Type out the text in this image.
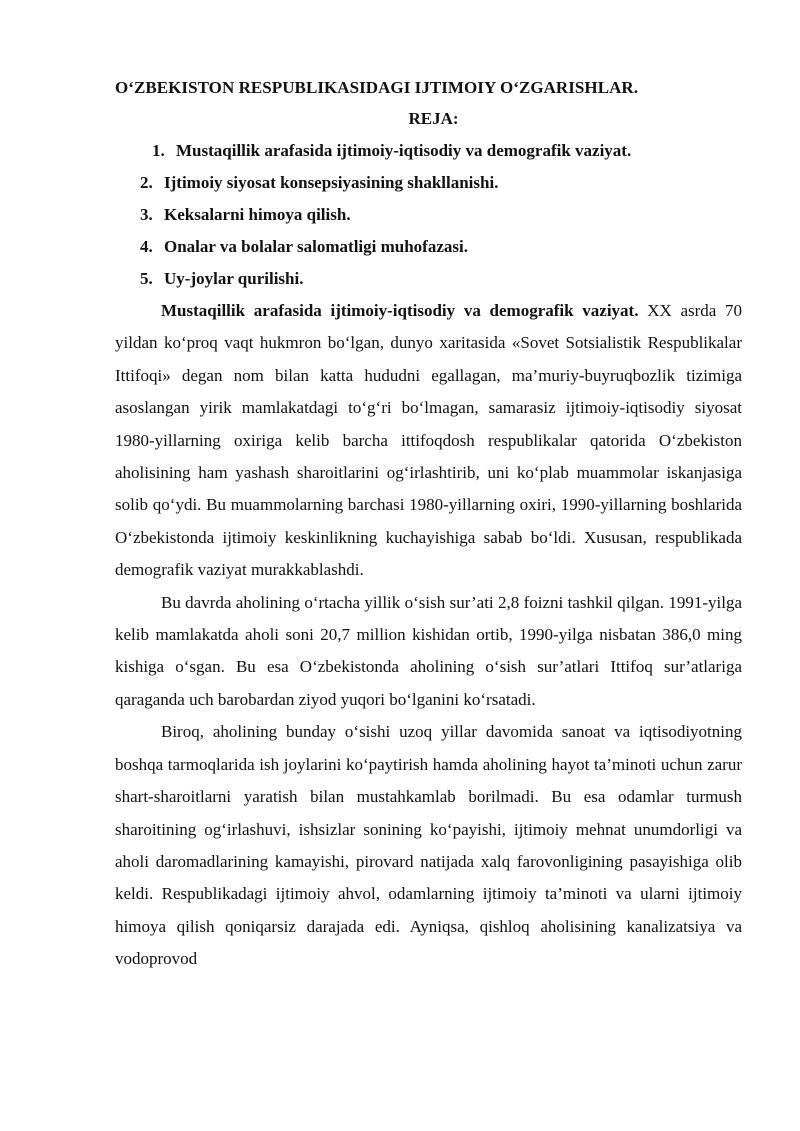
O‘ZBEKISTON RESPUBLIKASIDAGI IJTIMOIY O‘ZGARISHLAR.
REJA:
1. Mustaqillik arafasida ijtimoiy-iqtisodiy va demografik vaziyat.
2. Ijtimoiy siyosat konsepsiyasining shakllanishi.
3. Keksalarni himoya qilish.
4. Onalar va bolalar salomatligi muhofazasi.
5. Uy-joylar qurilishi.

Mustaqillik arafasida ijtimoiy-iqtisodiy va demografik vaziyat. XX asrda 70 yildan ko‘proq vaqt hukmron bo‘lgan, dunyo xaritasida «Sovet Sotsialistik Respublikalar Ittifoqi» degan nom bilan katta hududni egallagan, ma’muriy-buyruqbozlik tizimiga asoslangan yirik mamlakatdagi to‘g‘ri bo‘lmagan, samarasiz ijtimoiy-iqtisodiy siyosat 1980-yillarning oxiriga kelib barcha ittifoqdosh respublikalar qatorida O‘zbekiston aholisining ham yashash sharoitlarini og‘irlashtirib, uni ko‘plab muammolar iskanjasiga solib qo‘ydi. Bu muammolarning barchasi 1980-yillarning oxiri, 1990-yillarning boshlarida O‘zbekistonda ijtimoiy keskinlikning kuchayishiga sabab bo‘ldi. Xususan, respublikada demografik vaziyat murakkablashdi.

Bu davrda aholining o‘rtacha yillik o‘sish sur’ati 2,8 foizni tashkil qilgan. 1991-yilga kelib mamlakatda aholi soni 20,7 million kishidan ortib, 1990-yilga nisbatan 386,0 ming kishiga o‘sgan. Bu esa O‘zbekistonda aholining o‘sish sur’atlari Ittifoq sur’atlariga qaraganda uch barobardan ziyod yuqori bo‘lganini ko‘rsatadi.

Biroq, aholining bunday o‘sishi uzoq yillar davomida sanoat va iqtisodiyotning boshqa tarmoqlarida ish joylarini ko‘paytirish hamda aholining hayot ta’minoti uchun zarur shart-sharoitlarni yaratish bilan mustahkamlab borilmadi. Bu esa odamlar turmush sharoitining og‘irlashuvi, ishsizlar sonining ko‘payishi, ijtimoiy mehnat unumdorligi va aholi daromadlarining kamayishi, pirovard natijada xalq farovonligining pasayishiga olib keldi. Respublikadagi ijtimoiy ahvol, odamlarning ijtimoiy ta’minoti va ularni ijtimoiy himoya qilish qoniqarsiz darajada edi. Ayniqsa, qishloq aholisining kanalizatsiya va vodoprovod
